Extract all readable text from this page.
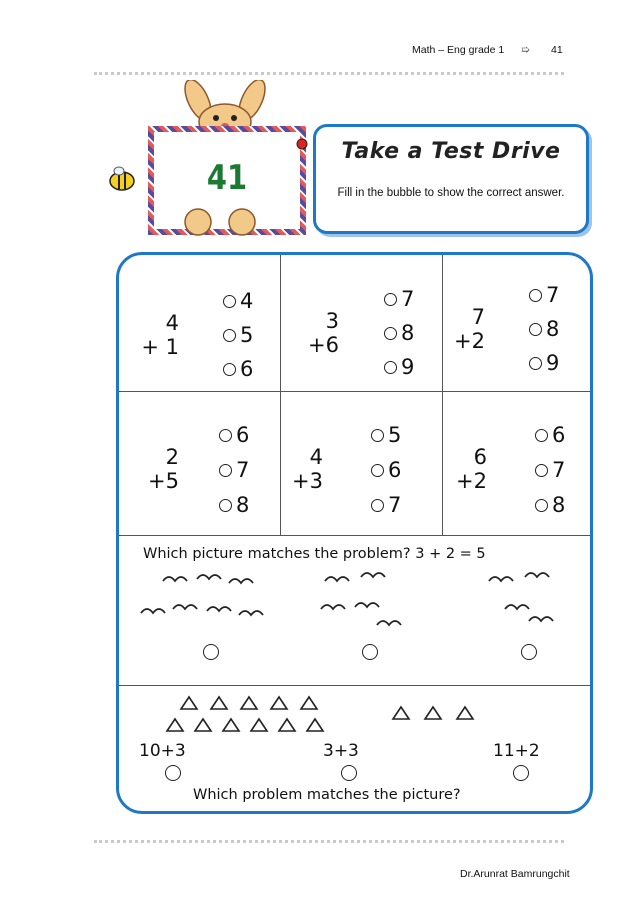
Math – Eng grade 1 ➯ 41
41
Take a Test Drive
Fill in the bubble to show the correct answer.
4
+ 1
4
5
6
3
+6
7
8
9
7
+2
7
8
9
2
+5
6
7
8
4
+3
5
6
7
6
+2
6
7
8
Which picture matches the problem? 3 + 2 = 5
10+3	3+3	11+2
Which problem matches the picture?
Dr.Arunrat Bamrungchit
